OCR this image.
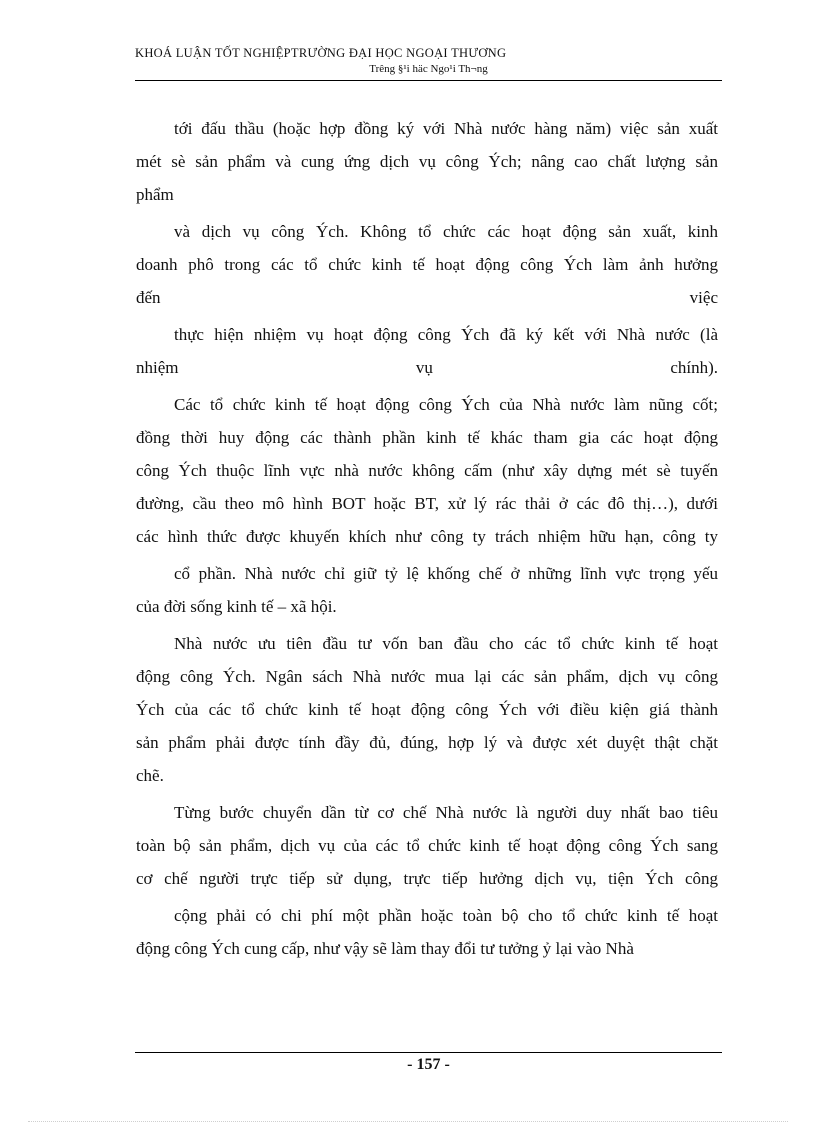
KHOÁ LUẬN TỐT NGHIỆPTRƯỜNG ĐẠI HỌC NGOẠI THƯƠNG
Trêng §¹i häc Ngo¹i Th¬ng
tới đấu thầu (hoặc hợp đồng ký với Nhà nước hàng năm) việc sản xuất
mét sè sản phẩm và cung ứng dịch vụ công Ých; nâng cao chất lượng sản
phẩm
và dịch vụ công Ých. Không tổ chức các hoạt động sản xuất, kinh
doanh phô trong các tổ chức kinh tế hoạt động công Ých làm ảnh hưởng
đến	việc
thực hiện nhiệm vụ hoạt động công Ých đã ký kết với Nhà nước (là
nhiệm	vụ	chính).
Các tổ chức kinh tế hoạt động công Ých của Nhà nước làm nũng cốt;
đồng thời huy động các thành phần kinh tế khác tham gia các hoạt động
công Ých thuộc lĩnh vực nhà nước không cấm (như xây dựng mét sè tuyến
đường, cầu theo mô hình BOT hoặc BT, xử lý rác thải ở các đô thị…), dưới
các hình thức được khuyến khích như công ty trách nhiệm hữu hạn, công ty
cổ phần. Nhà nước chỉ giữ tỷ lệ khống chế ở những lĩnh vực trọng yếu
của đời sống kinh tế – xã hội.
Nhà nước ưu tiên đầu tư vốn ban đầu cho các tổ chức kinh tế hoạt
động công Ých. Ngân sách Nhà nước mua lại các sản phẩm, dịch vụ công
Ých của các tổ chức kinh tế hoạt động công Ých với điều kiện giá thành
sản phẩm phải được tính đầy đủ, đúng, hợp lý và được xét duyệt thật chặt
chẽ.
Từng bước chuyển dần từ cơ chế Nhà nước là người duy nhất bao tiêu
toàn bộ sản phẩm, dịch vụ của các tổ chức kinh tế hoạt động công Ých sang
cơ chế người trực tiếp sử dụng, trực tiếp hưởng dịch vụ, tiện Ých công
cộng phải có chi phí một phần hoặc toàn bộ cho tổ chức kinh tế hoạt
động công Ých cung cấp, như vậy sẽ làm thay đổi tư tưởng ỷ lại vào Nhà
- 157 -
